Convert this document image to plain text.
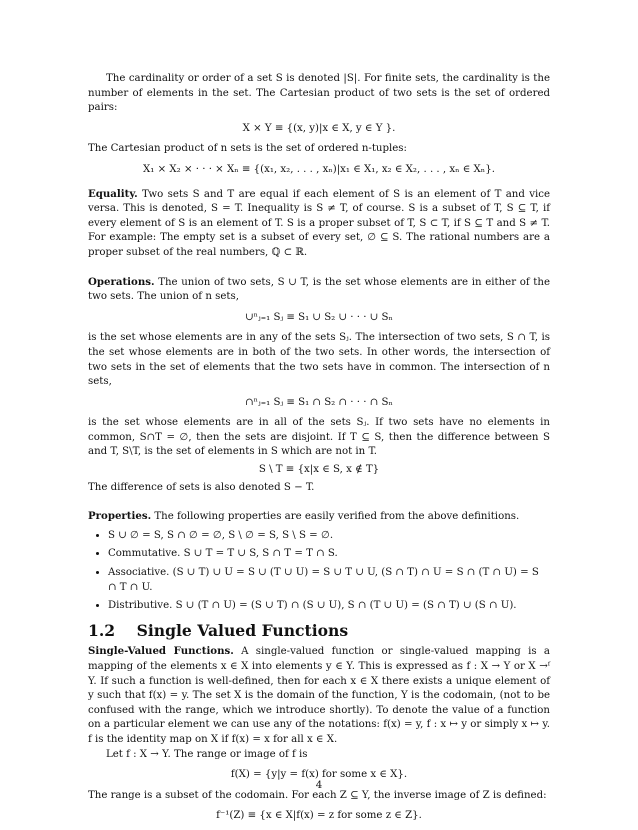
The cardinality or order of a set S is denoted |S|. For finite sets, the cardinality is the number of elements in the set. The Cartesian product of two sets is the set of ordered pairs:

X × Y ≡ {(x, y)|x ∈ X, y ∈ Y }.

The Cartesian product of n sets is the set of ordered n-tuples:

X₁ × X₂ × · · · × Xₙ ≡ {(x₁, x₂, . . . , xₙ)|x₁ ∈ X₁, x₂ ∈ X₂, . . . , xₙ ∈ Xₙ}.

Equality. Two sets S and T are equal if each element of S is an element of T and vice versa. This is denoted, S = T. Inequality is S ≠ T, of course. S is a subset of T, S ⊆ T, if every element of S is an element of T. S is a proper subset of T, S ⊂ T, if S ⊆ T and S ≠ T. For example: The empty set is a subset of every set, ∅ ⊆ S. The rational numbers are a proper subset of the real numbers, ℚ ⊂ ℝ.

Operations. The union of two sets, S ∪ T, is the set whose elements are in either of the two sets. The union of n sets,

∪ⁿⱼ₌₁ Sⱼ ≡ S₁ ∪ S₂ ∪ · · · ∪ Sₙ

is the set whose elements are in any of the sets Sⱼ. The intersection of two sets, S ∩ T, is the set whose elements are in both of the two sets. In other words, the intersection of two sets in the set of elements that the two sets have in common. The intersection of n sets,

∩ⁿⱼ₌₁ Sⱼ ≡ S₁ ∩ S₂ ∩ · · · ∩ Sₙ

is the set whose elements are in all of the sets Sⱼ. If two sets have no elements in common, S∩T = ∅, then the sets are disjoint. If T ⊆ S, then the difference between S and T, S\T, is the set of elements in S which are not in T.

S \ T ≡ {x|x ∈ S, x ∉ T}

The difference of sets is also denoted S − T.

Properties. The following properties are easily verified from the above definitions.

• S ∪ ∅ = S, S ∩ ∅ = ∅, S \ ∅ = S, S \ S = ∅.
• Commutative. S ∪ T = T ∪ S, S ∩ T = T ∩ S.
• Associative. (S ∪ T) ∪ U = S ∪ (T ∪ U) = S ∪ T ∪ U, (S ∩ T) ∩ U = S ∩ (T ∩ U) = S ∩ T ∩ U.
• Distributive. S ∪ (T ∩ U) = (S ∪ T) ∩ (S ∪ U), S ∩ (T ∪ U) = (S ∩ T) ∪ (S ∩ U).
1.2 Single Valued Functions

Single-Valued Functions. A single-valued function or single-valued mapping is a mapping of the elements x ∈ X into elements y ∈ Y. This is expressed as f : X → Y or X →ᶠ Y. If such a function is well-defined, then for each x ∈ X there exists a unique element of y such that f(x) = y. The set X is the domain of the function, Y is the codomain, (not to be confused with the range, which we introduce shortly). To denote the value of a function on a particular element we can use any of the notations: f(x) = y, f : x ↦ y or simply x ↦ y. f is the identity map on X if f(x) = x for all x ∈ X.

Let f : X → Y. The range or image of f is

f(X) = {y|y = f(x) for some x ∈ X}.

The range is a subset of the codomain. For each Z ⊆ Y, the inverse image of Z is defined:

f⁻¹(Z) ≡ {x ∈ X|f(x) = z for some z ∈ Z}.

4
